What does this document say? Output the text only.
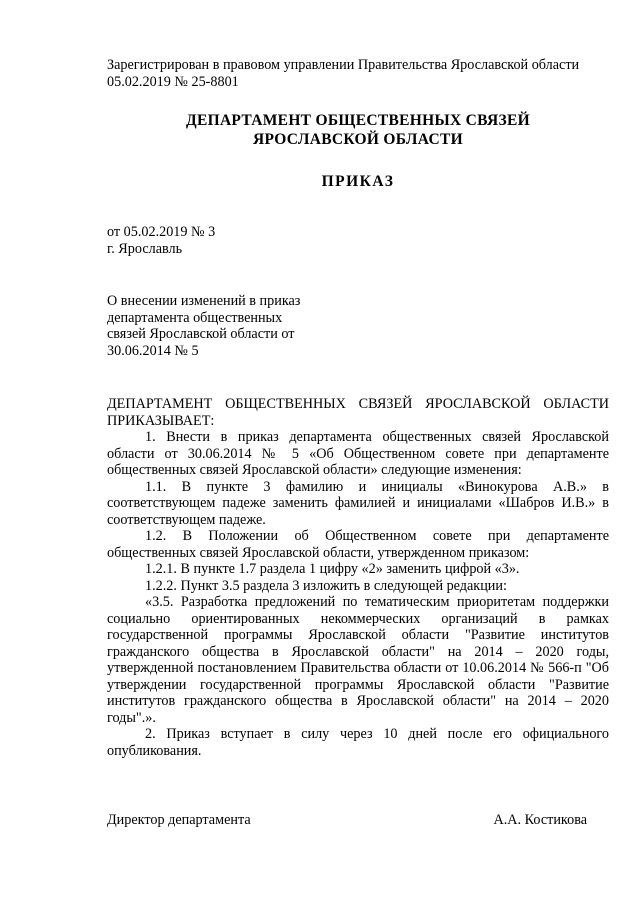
Зарегистрирован в правовом управлении Правительства Ярославской области
05.02.2019 № 25-8801
ДЕПАРТАМЕНТ ОБЩЕСТВЕННЫХ СВЯЗЕЙ
ЯРОСЛАВСКОЙ ОБЛАСТИ
ПРИКАЗ
от 05.02.2019 № 3
г. Ярославль
О внесении изменений в приказ
департамента общественных
связей Ярославской области от
30.06.2014 № 5

ДЕПАРТАМЕНТ ОБЩЕСТВЕННЫХ СВЯЗЕЙ ЯРОСЛАВСКОЙ ОБЛАСТИ ПРИКАЗЫВАЕТ:

1. Внести в приказ департамента общественных связей Ярославской области от 30.06.2014 № 5 «Об Общественном совете при департаменте общественных связей Ярославской области» следующие изменения:

1.1. В пункте 3 фамилию и инициалы «Винокурова А.В.» в соответствующем падеже заменить фамилией и инициалами «Шабров И.В.» в соответствующем падеже.

1.2. В Положении об Общественном совете при департаменте общественных связей Ярославской области, утвержденном приказом:

1.2.1. В пункте 1.7 раздела 1 цифру «2» заменить цифрой «3».

1.2.2. Пункт 3.5 раздела 3 изложить в следующей редакции:

«3.5. Разработка предложений по тематическим приоритетам поддержки социально ориентированных некоммерческих организаций в рамках государственной программы Ярославской области "Развитие институтов гражданского общества в Ярославской области" на 2014 – 2020 годы, утвержденной постановлением Правительства области от 10.06.2014 № 566-п "Об утверждении государственной программы Ярославской области "Развитие институтов гражданского общества в Ярославской области" на 2014 – 2020 годы".».

2. Приказ вступает в силу через 10 дней после его официального опубликования.

Директор департамента	А.А. Костикова
